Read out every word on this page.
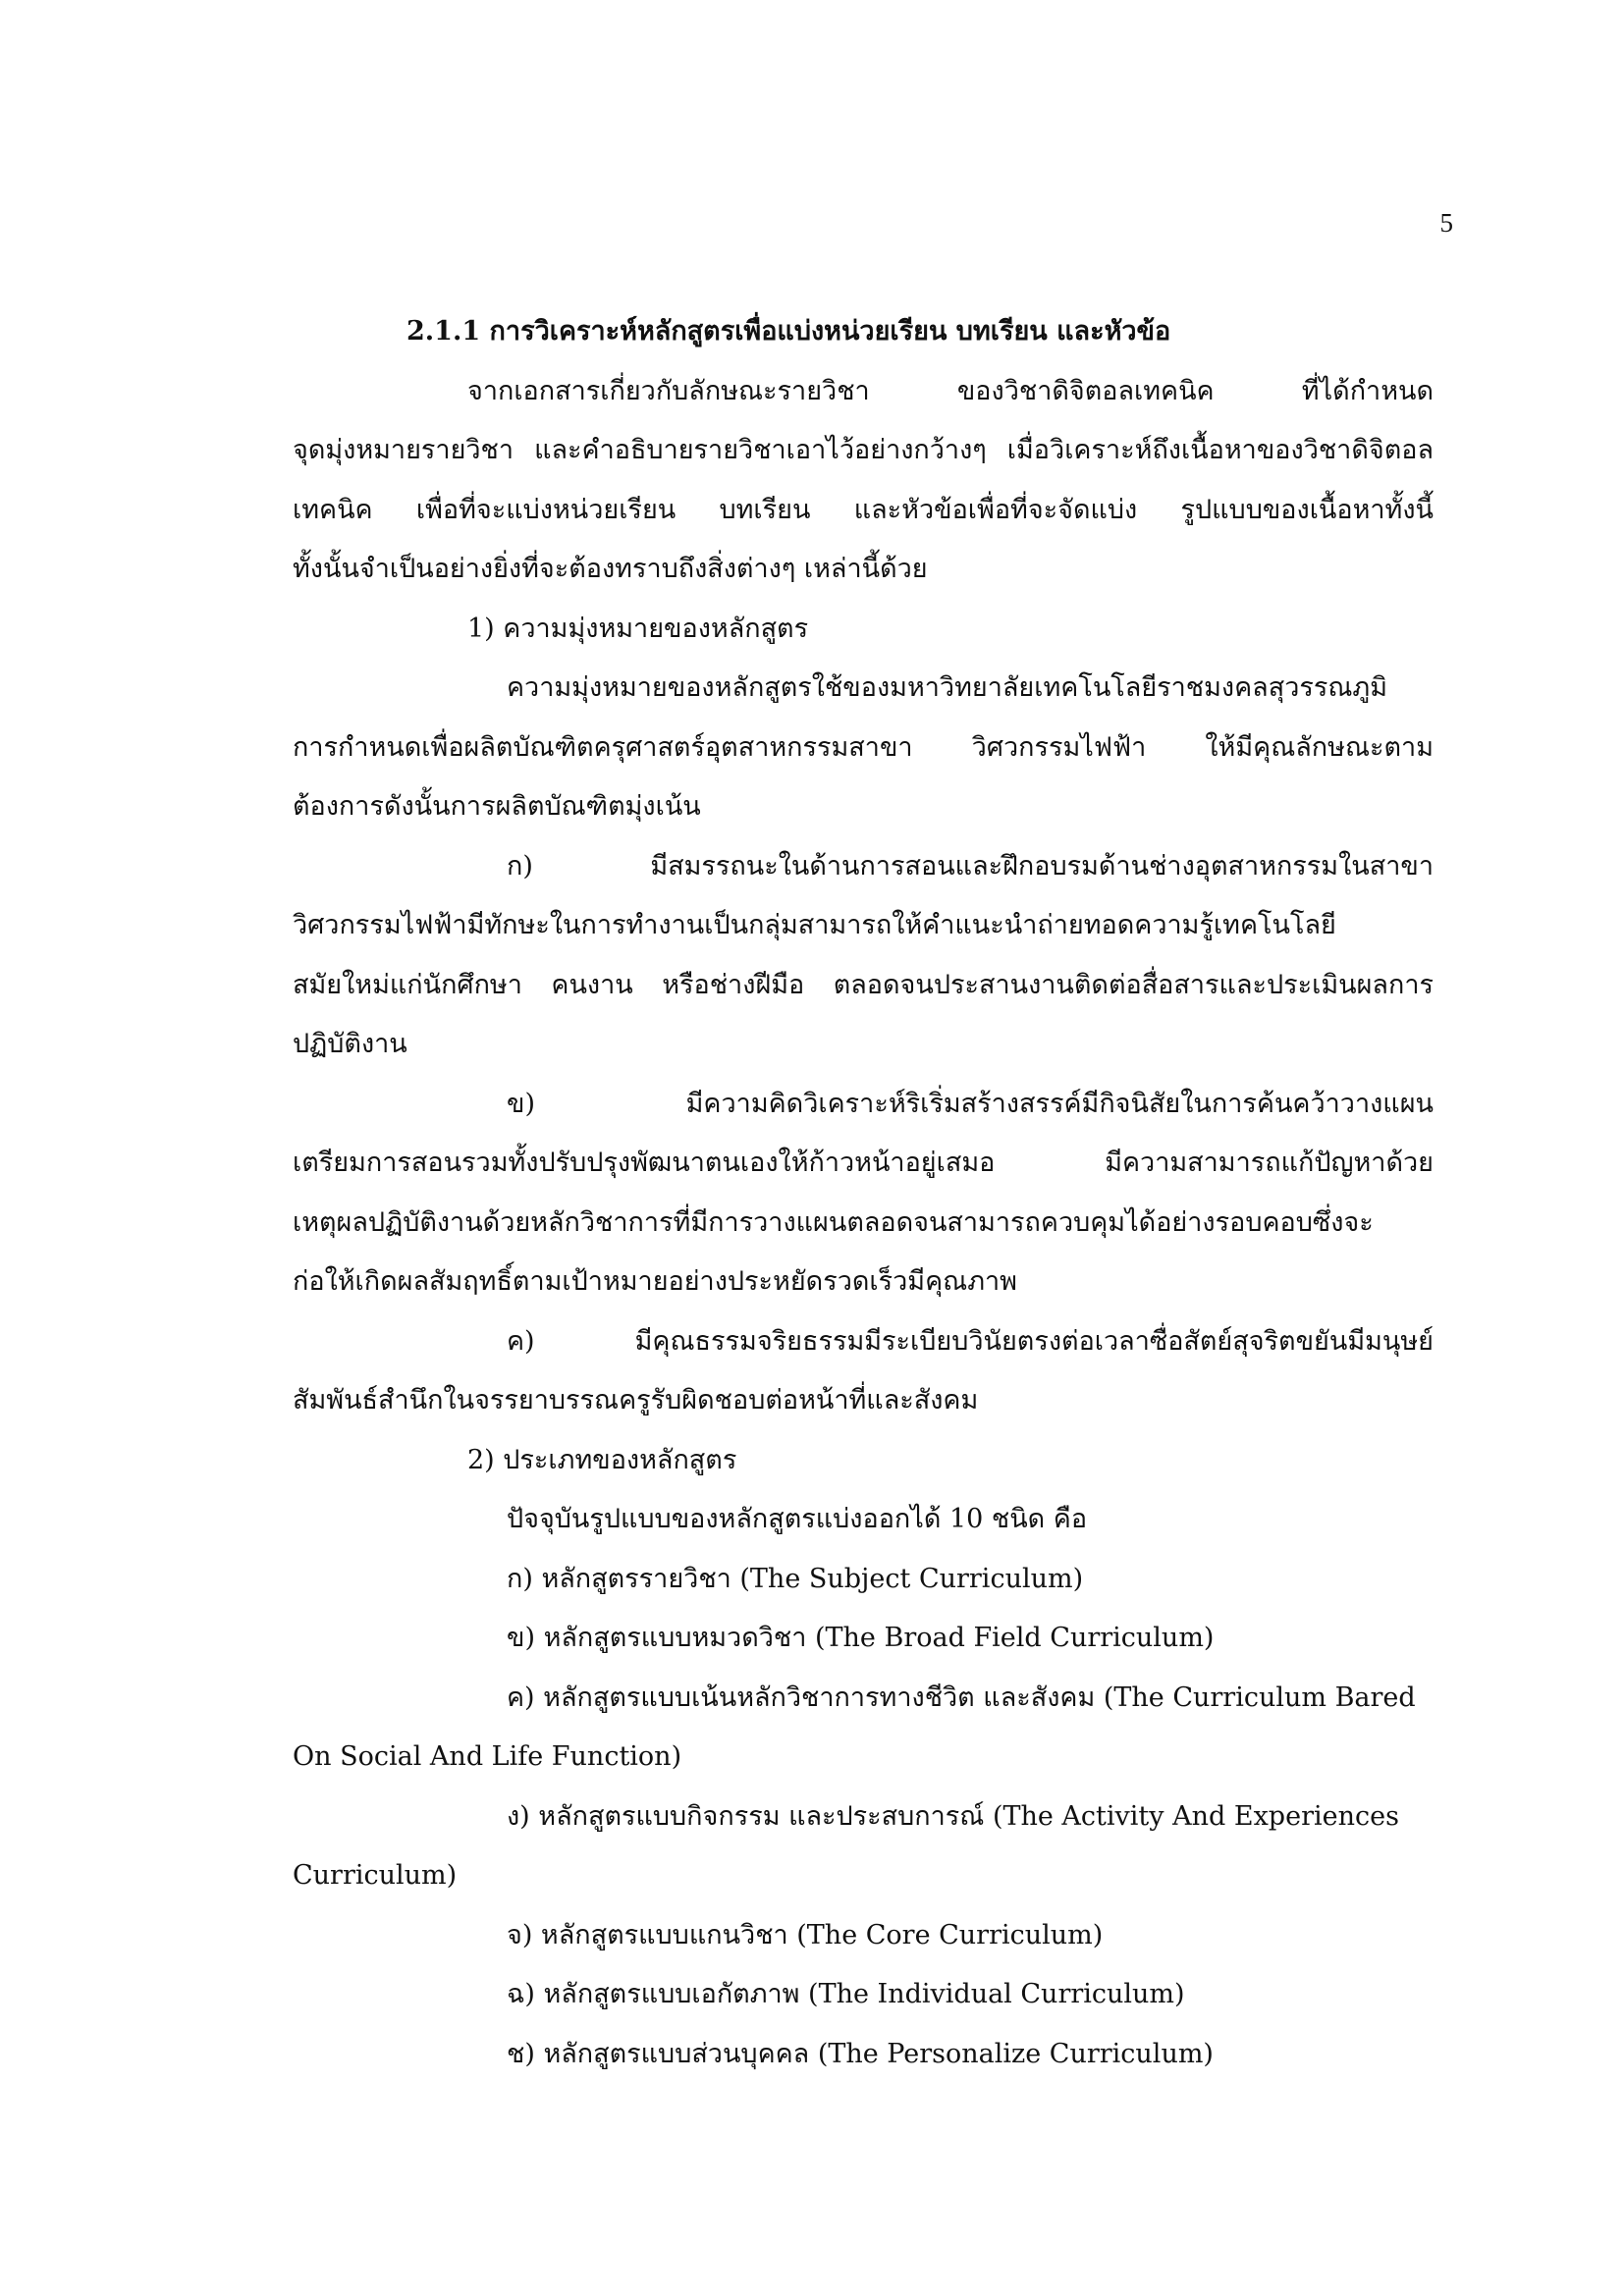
5
2.1.1 การวิเคราะห์หลักสูตรเพื่อแบ่งหน่วยเรียน บทเรียน และหัวข้อ
จากเอกสารเกี่ยวกับลักษณะรายวิชา ของวิชาดิจิตอลเทคนิค ที่ได้กำหนด
จุดมุ่งหมายรายวิชา และคำอธิบายรายวิชาเอาไว้อย่างกว้างๆ เมื่อวิเคราะห์ถึงเนื้อหาของวิชาดิจิตอล
เทคนิค เพื่อที่จะแบ่งหน่วยเรียน บทเรียน และหัวข้อเพื่อที่จะจัดแบ่ง รูปแบบของเนื้อหาทั้งนี้
ทั้งนั้นจำเป็นอย่างยิ่งที่จะต้องทราบถึงสิ่งต่างๆ เหล่านี้ด้วย
1) ความมุ่งหมายของหลักสูตร
ความมุ่งหมายของหลักสูตรใช้ของมหาวิทยาลัยเทคโนโลยีราชมงคลสุวรรณภูมิ
การกำหนดเพื่อผลิตบัณฑิตครุศาสตร์อุตสาหกรรมสาขา วิศวกรรมไฟฟ้า ให้มีคุณลักษณะตาม
ต้องการดังนั้นการผลิตบัณฑิตมุ่งเน้น
ก) มีสมรรถนะในด้านการสอนและฝึกอบรมด้านช่างอุตสาหกรรมในสาขา
วิศวกรรมไฟฟ้ามีทักษะในการทำงานเป็นกลุ่มสามารถให้คำแนะนำถ่ายทอดความรู้เทคโนโลยี
สมัยใหม่แก่นักศึกษา คนงาน หรือช่างฝีมือ ตลอดจนประสานงานติดต่อสื่อสารและประเมินผลการ
ปฏิบัติงาน
ข) มีความคิดวิเคราะห์ริเริ่มสร้างสรรค์มีกิจนิสัยในการค้นคว้าวางแผน
เตรียมการสอนรวมทั้งปรับปรุงพัฒนาตนเองให้ก้าวหน้าอยู่เสมอ มีความสามารถแก้ปัญหาด้วย
เหตุผลปฏิบัติงานด้วยหลักวิชาการที่มีการวางแผนตลอดจนสามารถควบคุมได้อย่างรอบคอบซึ่งจะ
ก่อให้เกิดผลสัมฤทธิ์ตามเป้าหมายอย่างประหยัดรวดเร็วมีคุณภาพ
ค) มีคุณธรรมจริยธรรมมีระเบียบวินัยตรงต่อเวลาซื่อสัตย์สุจริตขยันมีมนุษย์
สัมพันธ์สำนึกในจรรยาบรรณครูรับผิดชอบต่อหน้าที่และสังคม
2) ประเภทของหลักสูตร
ปัจจุบันรูปแบบของหลักสูตรแบ่งออกได้ 10 ชนิด คือ
ก) หลักสูตรรายวิชา (The Subject Curriculum)
ข) หลักสูตรแบบหมวดวิชา (The Broad Field Curriculum)
ค) หลักสูตรแบบเน้นหลักวิชาการทางชีวิต และสังคม (The Curriculum Bared
On Social And Life Function)
ง) หลักสูตรแบบกิจกรรม และประสบการณ์ (The Activity And Experiences
Curriculum)
จ) หลักสูตรแบบแกนวิชา (The Core Curriculum)
ฉ) หลักสูตรแบบเอกัตภาพ (The Individual Curriculum)
ช) หลักสูตรแบบส่วนบุคคล (The Personalize Curriculum)
